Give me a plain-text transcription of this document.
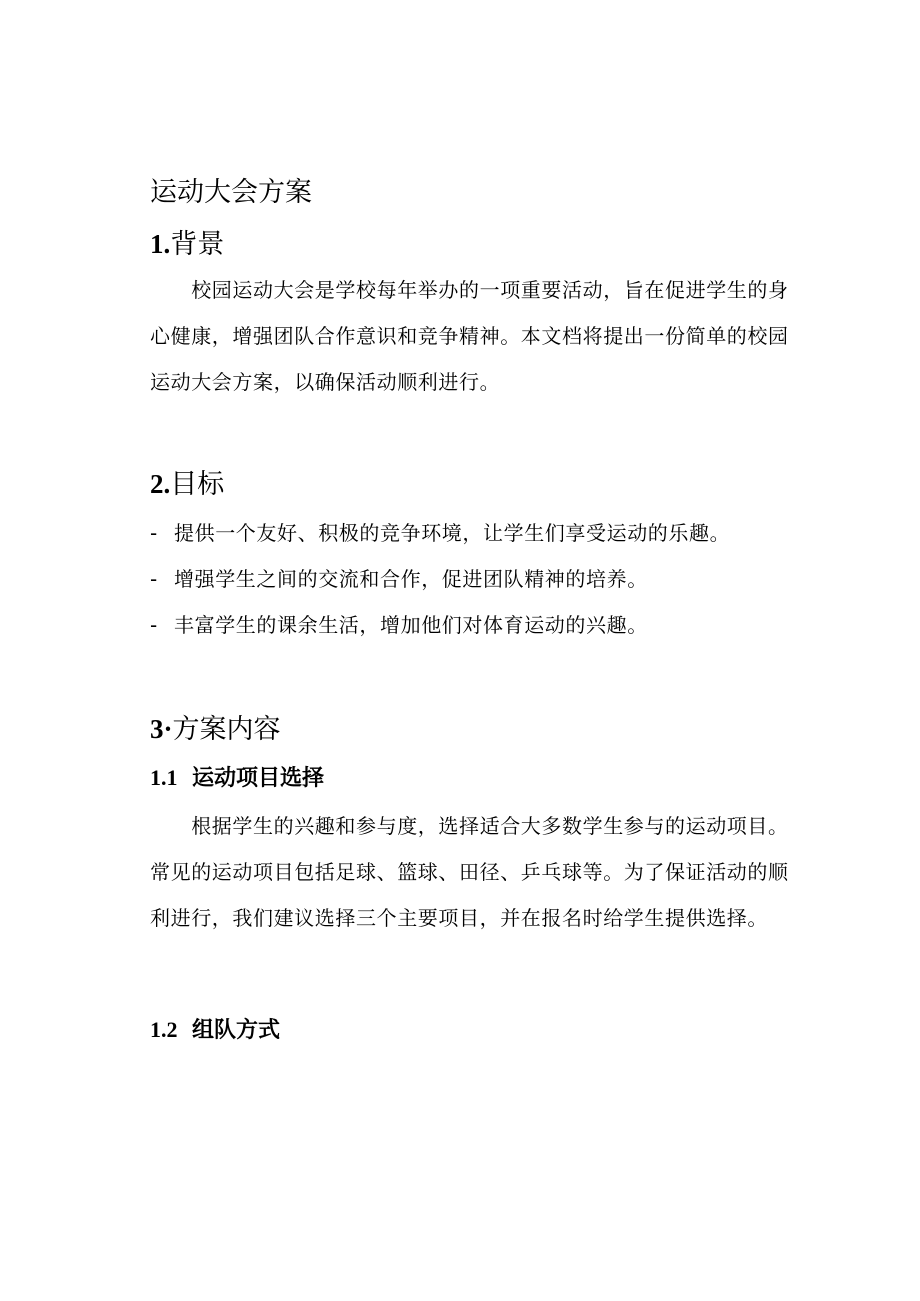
运动大会方案
1.背景
　　校园运动大会是学校每年举办的一项重要活动，旨在促进学生的身
心健康，增强团队合作意识和竞争精神。本文档将提出一份简单的校园
运动大会方案，以确保活动顺利进行。
2.目标
- 提供一个友好、积极的竞争环境，让学生们享受运动的乐趣。
- 增强学生之间的交流和合作，促进团队精神的培养。
- 丰富学生的课余生活，增加他们对体育运动的兴趣。
3·方案内容
1.1 运动项目选择
　　根据学生的兴趣和参与度，选择适合大多数学生参与的运动项目。
常见的运动项目包括足球、篮球、田径、乒乓球等。为了保证活动的顺
利进行，我们建议选择三个主要项目，并在报名时给学生提供选择。
1.2 组队方式
